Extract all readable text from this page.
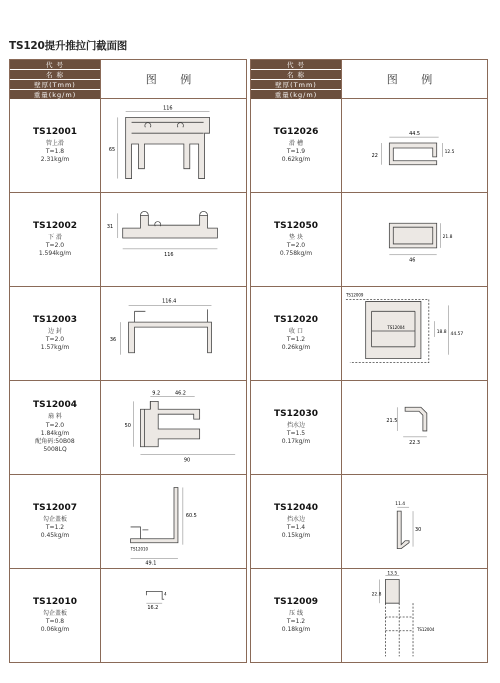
TS120提升推拉门截面图
代 号
名 称
壁厚(Tmm)
重量(kg/m)
图 例
TS12001
管上滑
T=1.8
2.31kg/m
116
65
TS12002
下 滑
T=2.0
1.594kg/m
31
116
TS12003
边 封
T=2.0
1.57kg/m
116.4
36
TS12004
扇 料
T=2.0
1.84kg/m
配角码:50B08
5008LQ
9.2	46.2
50
90
TS12007
勾企盖板
T=1.2
0.45kg/m
60.5
TS12010
49.1
TS12010
勾企盖板
T=0.8
0.06kg/m
4
16.2
代 号
名 称
壁厚(Tmm)
重量(kg/m)
图 例
TG12026
滑 槽
T=1.9
0.62kg/m
44.5
22
12.5
TS12050
垫 块
T=2.0
0.758kg/m
21.8
46
TS12020
收 口
T=1.2
0.26kg/m
TS12009
TS12004
18.8 44.57
TS12030
挡水边
T=1.5
0.17kg/m
21.5
22.3
TS12040
挡水边
T=1.4
0.15kg/m
11.4
30
TS12009
压 线
T=1.2
0.18kg/m
13.5
22.8
TS12004
